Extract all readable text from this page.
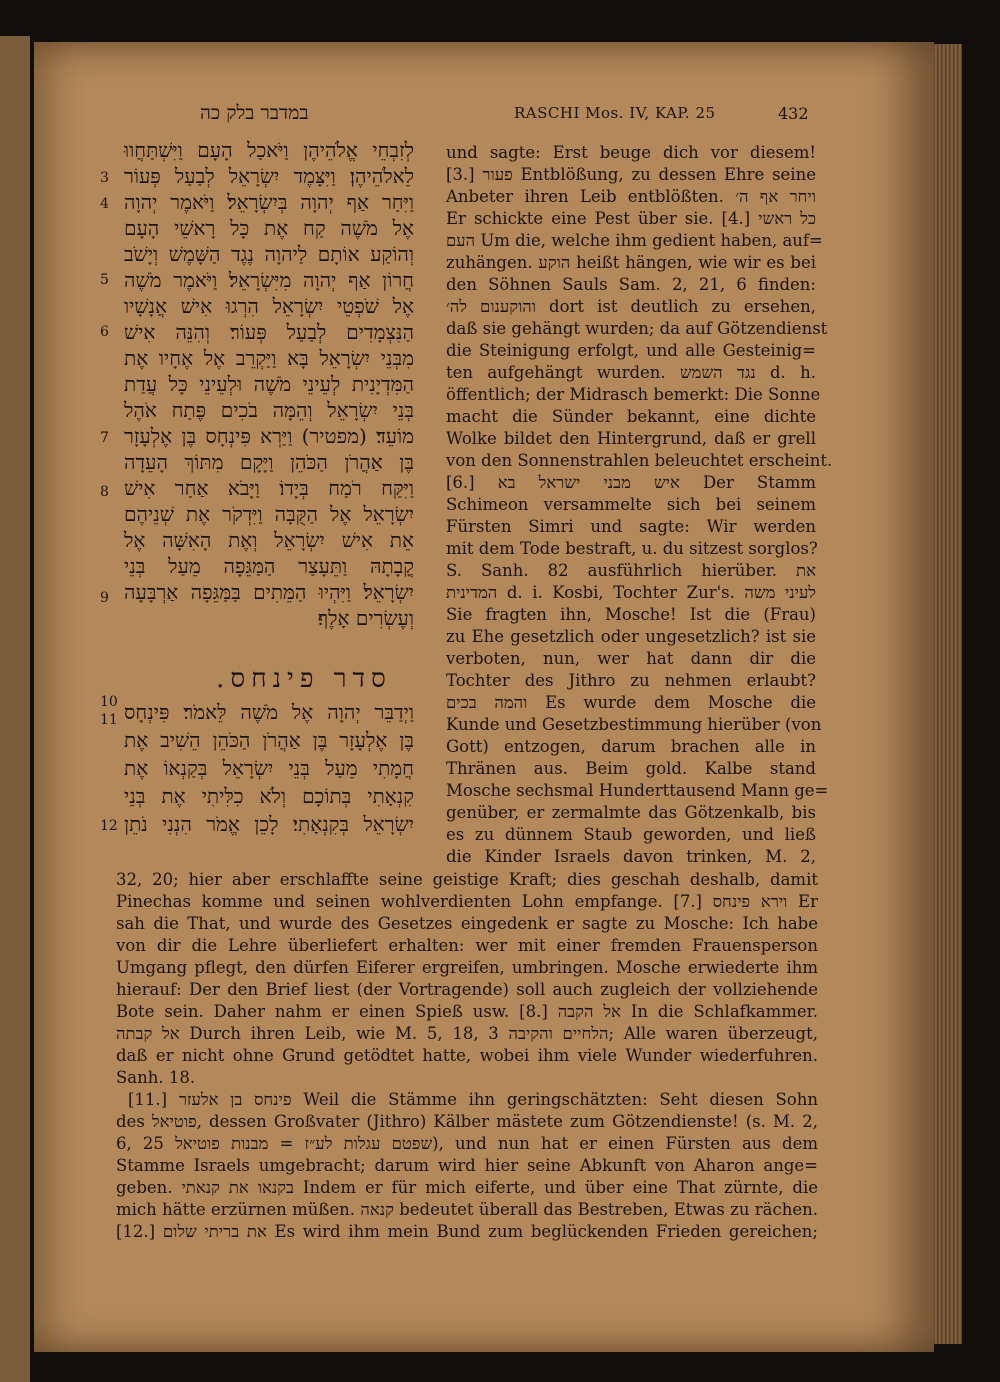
במדבר בלק כה	RASCHI Mos. IV, KAP. 25	432
3
4
5
6
7
8
9
10
11
12
לְזִבְחֵי אֱלֹהֵיהֶן וַיֹּאכַל הָעָם וַיִּשְׁתַּחֲווּ
לֵאלֹהֵיהֶן׃ וַיִּצָּמֶד יִשְׂרָאֵל לְבַעַל פְּעוֹר
וַיִּחַר אַף יְהוָה בְּיִשְׂרָאֵל׃ וַיֹּאמֶר יְהוָה
אֶל מֹשֶׁה קַח אֶת כָּל רָאשֵׁי הָעָם
וְהוֹקַע אוֹתָם לַיהוָה נֶגֶד הַשָּׁמֶשׁ וְיָשֹׁב
חֲרוֹן אַף יְהוָה מִיִּשְׂרָאֵל׃ וַיֹּאמֶר מֹשֶׁה
אֶל שֹׁפְטֵי יִשְׂרָאֵל הִרְגוּ אִישׁ אֲנָשָׁיו
הַנִּצְמָדִים לְבַעַל פְּעוֹר׃ וְהִנֵּה אִישׁ
מִבְּנֵי יִשְׂרָאֵל בָּא וַיַּקְרֵב אֶל אֶחָיו אֶת
הַמִּדְיָנִית לְעֵינֵי מֹשֶׁה וּלְעֵינֵי כָּל עֲדַת
בְּנֵי יִשְׂרָאֵל וְהֵמָּה בֹכִים פֶּתַח אֹהֶל
מוֹעֵד׃ (מפטיר) וַיַּרְא פִּינְחָס בֶּן אֶלְעָזָר
בֶּן אַהֲרֹן הַכֹּהֵן וַיָּקָם מִתּוֹךְ הָעֵדָה
וַיִּקַּח רֹמַח בְּיָדוֹ׃ וַיָּבֹא אַחַר אִישׁ
יִשְׂרָאֵל אֶל הַקֻּבָּה וַיִּדְקֹר אֶת שְׁנֵיהֶם
אֵת אִישׁ יִשְׂרָאֵל וְאֶת הָאִשָּׁה אֶל
קֳבָתָהּ וַתֵּעָצַר הַמַּגֵּפָה מֵעַל בְּנֵי
יִשְׂרָאֵל׃ וַיִּהְיוּ הַמֵּתִים בַּמַּגֵּפָה אַרְבָּעָה
וְעֶשְׂרִים אָלֶף׃
סדר פינחס.
וַיְדַבֵּר יְהוָה אֶל מֹשֶׁה לֵּאמֹר׃ פִּינְחָס
בֶּן אֶלְעָזָר בֶּן אַהֲרֹן הַכֹּהֵן הֵשִׁיב אֶת
חֲמָתִי מֵעַל בְּנֵי יִשְׂרָאֵל בְּקַנְאוֹ אֶת
קִנְאָתִי בְּתוֹכָם וְלֹא כִלִּיתִי אֶת בְּנֵי
יִשְׂרָאֵל בְּקִנְאָתִי׃ לָכֵן אֱמֹר הִנְנִי נֹתֵן
und sagte: Erst beuge dich vor diesem!
[3.] פעור Entblößung, zu dessen Ehre seine
Anbeter ihren Leib entblößten. ויחר אף ה׳
Er schickte eine Pest über sie. [4.] כל ראשי
העם Um die, welche ihm gedient haben, auf=
zuhängen. הוקע heißt hängen, wie wir es bei
den Söhnen Sauls Sam. 2, 21, 6 finden:
והוקענום לה׳ dort ist deutlich zu ersehen,
daß sie gehängt wurden; da auf Götzendienst
die Steinigung erfolgt, und alle Gesteinig=
ten aufgehängt wurden. נגד השמש d. h.
öffentlich; der Midrasch bemerkt: Die Sonne
macht die Sünder bekannt, eine dichte
Wolke bildet den Hintergrund, daß er grell
von den Sonnenstrahlen beleuchtet erscheint.
[6.] איש מבני ישראל בא Der Stamm
Schimeon versammelte sich bei seinem
Fürsten Simri und sagte: Wir werden
mit dem Tode bestraft, u. du sitzest sorglos?
S. Sanh. 82 ausführlich hierüber. את
המדינית d. i. Kosbi, Tochter Zur's. לעיני משה
Sie fragten ihn, Mosche! Ist die (Frau)
zu Ehe gesetzlich oder ungesetzlich? ist sie
verboten, nun, wer hat dann dir die
Tochter des Jithro zu nehmen erlaubt?
והמה בכים Es wurde dem Mosche die
Kunde und Gesetzbestimmung hierüber (von
Gott) entzogen, darum brachen alle in
Thränen aus. Beim gold. Kalbe stand
Mosche sechsmal Hunderttausend Mann ge=
genüber, er zermalmte das Götzenkalb, bis
es zu dünnem Staub geworden, und ließ
die Kinder Israels davon trinken, M. 2,
32, 20; hier aber erschlaffte seine geistige Kraft; dies geschah deshalb, damit
Pinechas komme und seinen wohlverdienten Lohn empfange. [7.] וירא פינחס Er
sah die That, und wurde des Gesetzes eingedenk er sagte zu Mosche: Ich habe
von dir die Lehre überliefert erhalten: wer mit einer fremden Frauensperson
Umgang pflegt, den dürfen Eiferer ergreifen, umbringen. Mosche erwiederte ihm
hierauf: Der den Brief liest (der Vortragende) soll auch zugleich der vollziehende
Bote sein. Daher nahm er einen Spieß usw. [8.] אל הקבה In die Schlafkammer.
אל קבתה Durch ihren Leib, wie M. 5, 18, 3 הלחיים והקיבה; Alle waren überzeugt,
daß er nicht ohne Grund getödtet hatte, wobei ihm viele Wunder wiederfuhren.
Sanh. 18.
[11.] פינחס בן אלעזר Weil die Stämme ihn geringschätzten: Seht diesen Sohn
des פוטיאל, dessen Großvater (Jithro) Kälber mästete zum Götzendienste! (s. M. 2,
6, 25 שפטם עגלות לע״ז = מבנות פוטיאל), und nun hat er einen Fürsten aus dem
Stamme Israels umgebracht; darum wird hier seine Abkunft von Aharon ange=
geben. בקנאו את קנאתי Indem er für mich eiferte, und über eine That zürnte, die
mich hätte erzürnen müßen. קנאה bedeutet überall das Bestreben, Etwas zu rächen.
[12.] את בריתי שלום Es wird ihm mein Bund zum beglückenden Frieden gereichen;
